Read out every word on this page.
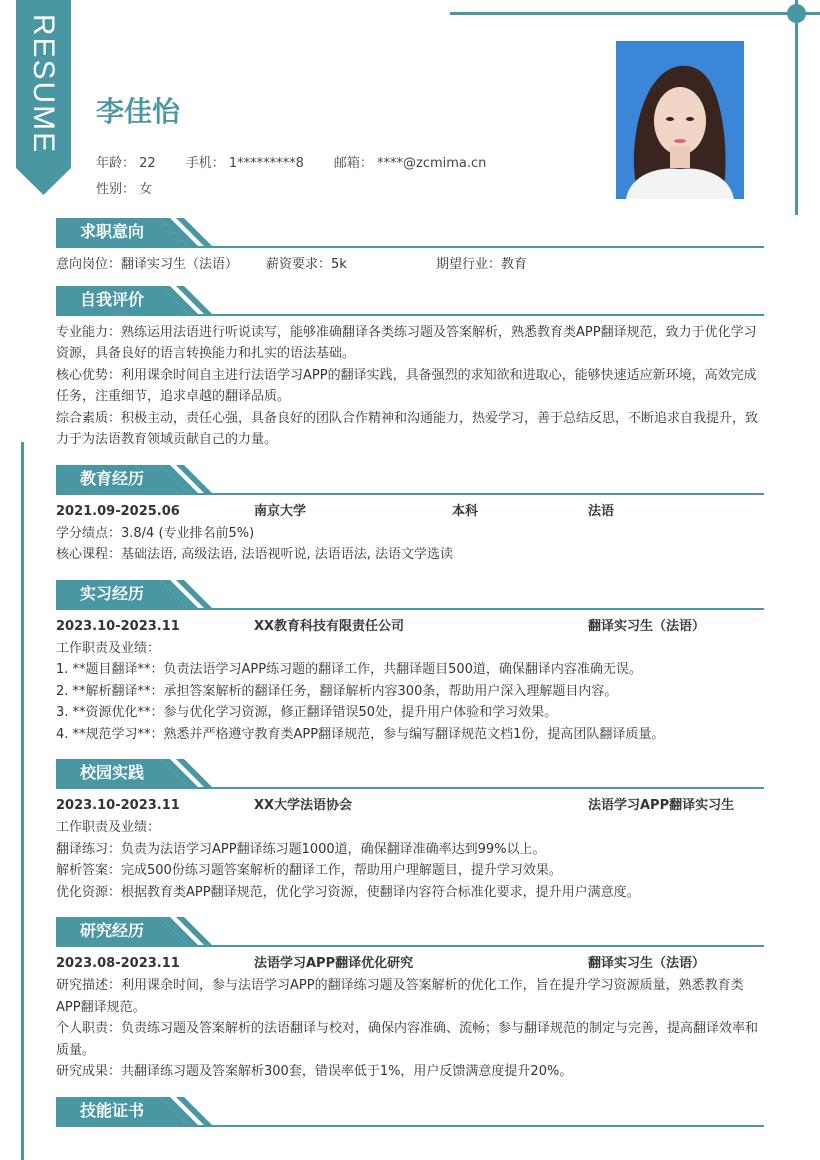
RESUME 李佳怡
年龄： 22 手机： 1*********8 邮箱： ****@zcmima.cn
性别： 女
求职意向

意向岗位：翻译实习生（法语）	薪资要求：5k	期望行业：教育

自我评价

专业能力：熟练运用法语进行听说读写，能够准确翻译各类练习题及答案解析，熟悉教育类APP翻译规范，致力于优化学习资源，具备良好的语言转换能力和扎实的语法基础。

核心优势：利用课余时间自主进行法语学习APP的翻译实践，具备强烈的求知欲和进取心，能够快速适应新环境，高效完成任务，注重细节，追求卓越的翻译品质。

综合素质：积极主动，责任心强，具备良好的团队合作精神和沟通能力，热爱学习，善于总结反思，不断追求自我提升，致力于为法语教育领域贡献自己的力量。

教育经历
2021.09-2025.06	南京大学	本科	法语

学分绩点：3.8/4 (专业排名前5%)

核心课程：基础法语, 高级法语, 法语视听说, 法语语法, 法语文学选读

实习经历
2023.10-2023.11	XX教育科技有限责任公司	翻译实习生（法语）

工作职责及业绩：

1. **题目翻译**：负责法语学习APP练习题的翻译工作，共翻译题目500道，确保翻译内容准确无误。

2. **解析翻译**：承担答案解析的翻译任务，翻译解析内容300条，帮助用户深入理解题目内容。

3. **资源优化**：参与优化学习资源，修正翻译错误50处，提升用户体验和学习效果。

4. **规范学习**：熟悉并严格遵守教育类APP翻译规范，参与编写翻译规范文档1份，提高团队翻译质量。

校园实践
2023.10-2023.11	XX大学法语协会	法语学习APP翻译实习生

工作职责及业绩：

翻译练习：负责为法语学习APP翻译练习题1000道，确保翻译准确率达到99%以上。

解析答案：完成500份练习题答案解析的翻译工作，帮助用户理解题目，提升学习效果。

优化资源：根据教育类APP翻译规范，优化学习资源，使翻译内容符合标准化要求，提升用户满意度。

研究经历
2023.08-2023.11	法语学习APP翻译优化研究	翻译实习生（法语）

研究描述：利用课余时间，参与法语学习APP的翻译练习题及答案解析的优化工作，旨在提升学习资源质量，熟悉教育类APP翻译规范。

个人职责：负责练习题及答案解析的法语翻译与校对，确保内容准确、流畅；参与翻译规范的制定与完善，提高翻译效率和质量。

研究成果：共翻译练习题及答案解析300套，错误率低于1%，用户反馈满意度提升20%。

技能证书
